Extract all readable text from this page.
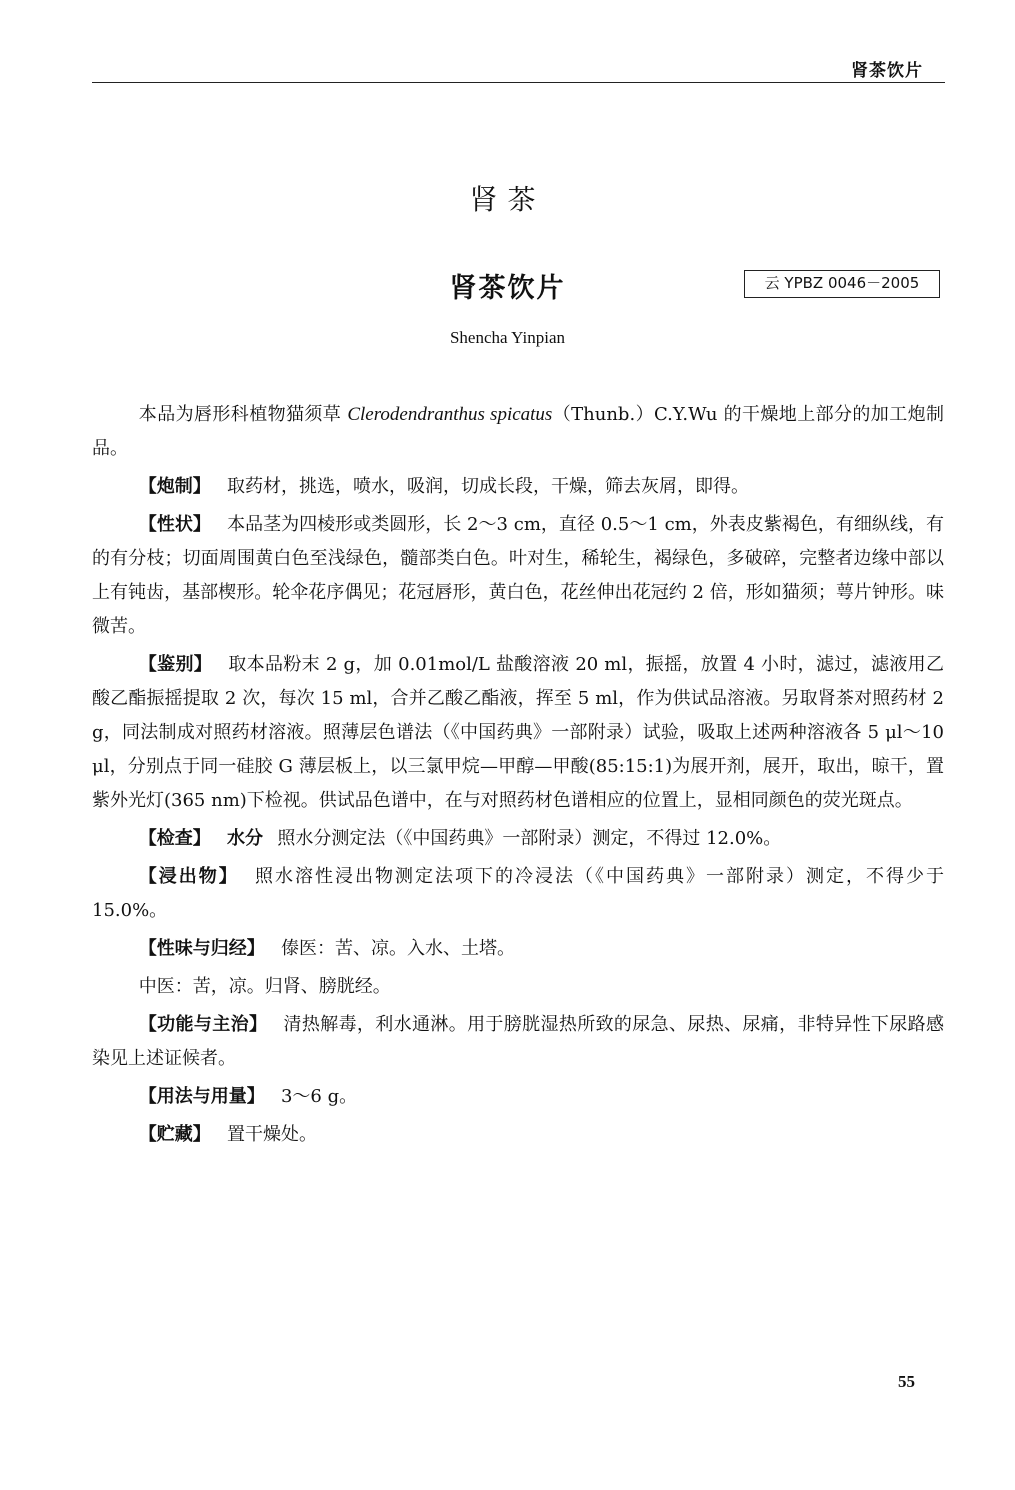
肾茶饮片
肾茶
肾茶饮片	云 YPBZ 0046－2005
Shencha Yinpian

本品为唇形科植物猫须草 Clerodendranthus spicatus（Thunb.）C.Y.Wu 的干燥地上部分的加工炮制品。

【炮制】 取药材，挑选，喷水，吸润，切成长段，干燥，筛去灰屑，即得。

【性状】 本品茎为四棱形或类圆形，长 2～3 cm，直径 0.5～1 cm，外表皮紫褐色，有细纵线，有的有分枝；切面周围黄白色至浅绿色，髓部类白色。叶对生，稀轮生，褐绿色，多破碎，完整者边缘中部以上有钝齿，基部楔形。轮伞花序偶见；花冠唇形，黄白色，花丝伸出花冠约 2 倍，形如猫须；萼片钟形。味微苦。

【鉴别】 取本品粉末 2 g，加 0.01mol/L 盐酸溶液 20 ml，振摇，放置 4 小时，滤过，滤液用乙酸乙酯振摇提取 2 次，每次 15 ml，合并乙酸乙酯液，挥至 5 ml，作为供试品溶液。另取肾茶对照药材 2 g，同法制成对照药材溶液。照薄层色谱法（《中国药典》一部附录）试验，吸取上述两种溶液各 5 μl～10 μl，分别点于同一硅胶 G 薄层板上，以三氯甲烷—甲醇—甲酸(85:15:1)为展开剂，展开，取出，晾干，置紫外光灯(365 nm)下检视。供试品色谱中，在与对照药材色谱相应的位置上，显相同颜色的荧光斑点。

【检查】 水分 照水分测定法（《中国药典》一部附录）测定，不得过 12.0%。

【浸出物】 照水溶性浸出物测定法项下的冷浸法（《中国药典》一部附录）测定，不得少于 15.0%。

【性味与归经】 傣医：苦、凉。入水、土塔。

中医：苦，凉。归肾、膀胱经。

【功能与主治】 清热解毒，利水通淋。用于膀胱湿热所致的尿急、尿热、尿痛，非特异性下尿路感染见上述证候者。

【用法与用量】 3～6 g。

【贮藏】 置干燥处。

55
